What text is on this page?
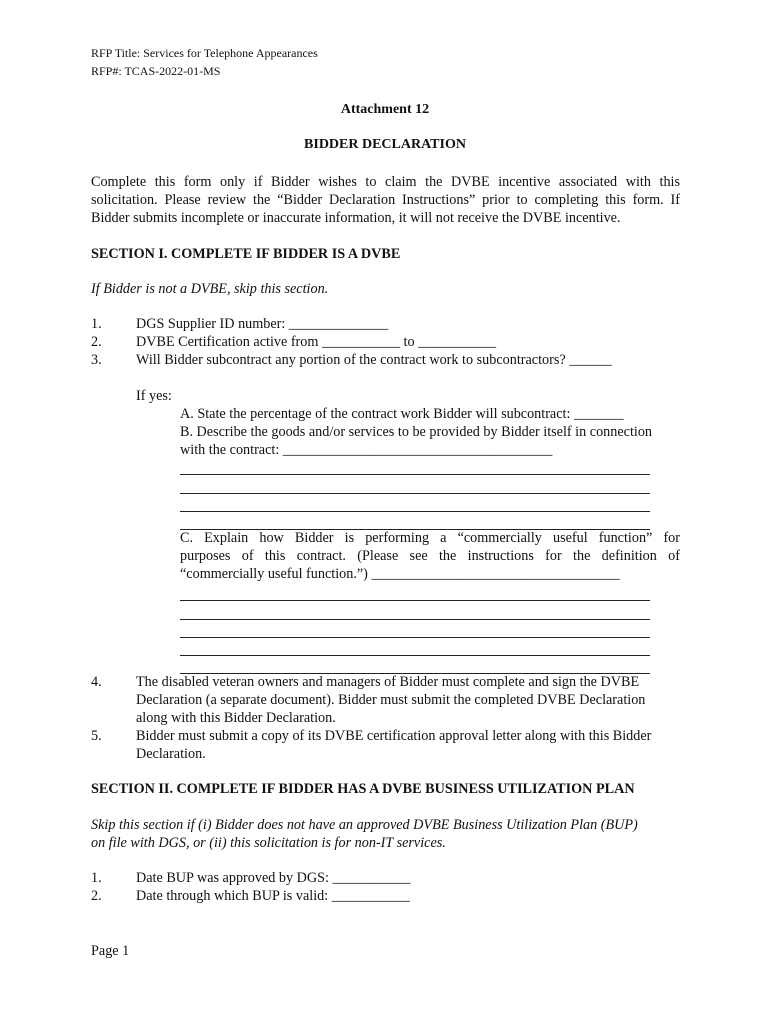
RFP Title: Services for Telephone Appearances
RFP#: TCAS-2022-01-MS
Attachment 12
BIDDER DECLARATION
Complete this form only if Bidder wishes to claim the DVBE incentive associated with this
solicitation. Please review the “Bidder Declaration Instructions” prior to completing this form. If
Bidder submits incomplete or inaccurate information, it will not receive the DVBE incentive.
SECTION I. COMPLETE IF BIDDER IS A DVBE
If Bidder is not a DVBE, skip this section.
1. DGS Supplier ID number: ______________
2. DVBE Certification active from ___________ to ___________
3. Will Bidder subcontract any portion of the contract work to subcontractors? ______
If yes:
A. State the percentage of the contract work Bidder will subcontract: _______
B. Describe the goods and/or services to be provided by Bidder itself in connection
with the contract: ______________________________________
C. Explain how Bidder is performing a “commercially useful function” for
purposes of this contract. (Please see the instructions for the definition of
“commercially useful function.”) ___________________________________
4. The disabled veteran owners and managers of Bidder must complete and sign the DVBE
Declaration (a separate document). Bidder must submit the completed DVBE Declaration
along with this Bidder Declaration.
5. Bidder must submit a copy of its DVBE certification approval letter along with this Bidder
Declaration.
SECTION II. COMPLETE IF BIDDER HAS A DVBE BUSINESS UTILIZATION PLAN
Skip this section if (i) Bidder does not have an approved DVBE Business Utilization Plan (BUP)
on file with DGS, or (ii) this solicitation is for non-IT services.
1. Date BUP was approved by DGS: ___________
2. Date through which BUP is valid: ___________
Page 1
